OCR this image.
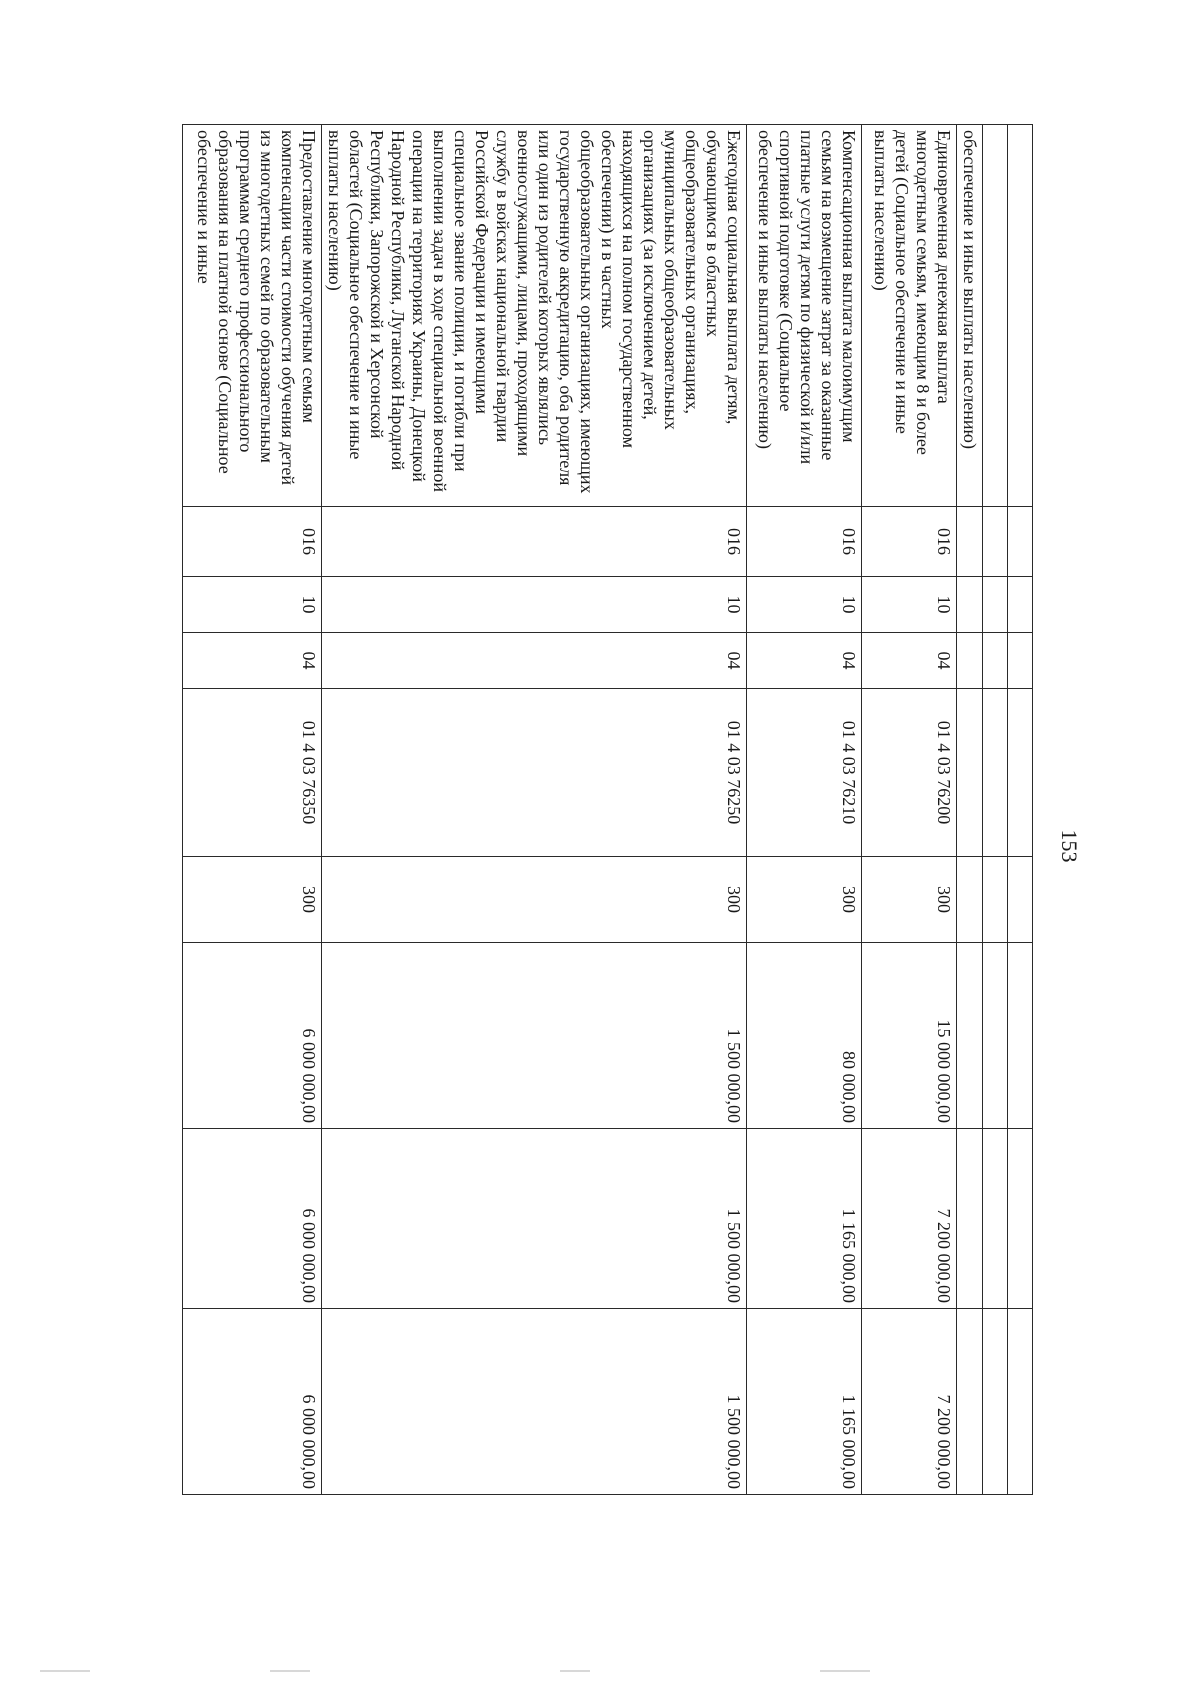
153

обеспечение и иные выплаты населению)								
Единовременная денежная выплата многодетным семьям, имеющим 8 и более детей (Социальное обеспечение и иные выплаты населению)	016	10	04	01 4 03 76200	300	15 000 000,00	7 200 000,00	7 200 000,00
Компенсационная выплата малоимущим семьям на возмещение затрат за оказанные платные услуги детям по физической и/или спортивной подготовке (Социальное обеспечение и иные выплаты населению)	016	10	04	01 4 03 76210	300	80 000,00	1 165 000,00	1 165 000,00
Ежегодная социальная выплата детям, обучающимся в областных общеобразовательных организациях, муниципальных общеобразовательных организациях (за исключением детей, находящихся на полном государственном обеспечении) и в частных общеобразовательных организациях, имеющих государственную аккредитацию, оба родителя или один из родителей которых являлись военнослужащими, лицами, проходящими службу в войсках национальной гвардии Российской Федерации и имеющими специальное звание полиции, и погибли при выполнении задач в ходе специальной военной операции на территориях Украины, Донецкой Народной Республики, Луганской Народной Республики, Запорожской и Херсонской областей (Социальное обеспечение и иные выплаты населению)	016	10	04	01 4 03 76250	300	1 500 000,00	1 500 000,00	1 500 000,00
Предоставление многодетным семьям компенсации части стоимости обучения детей из многодетных семей по образовательным программам среднего профессионального образования на платной основе (Социальное обеспечение и иные	016	10	04	01 4 03 76350	300	6 000 000,00	6 000 000,00	6 000 000,00
